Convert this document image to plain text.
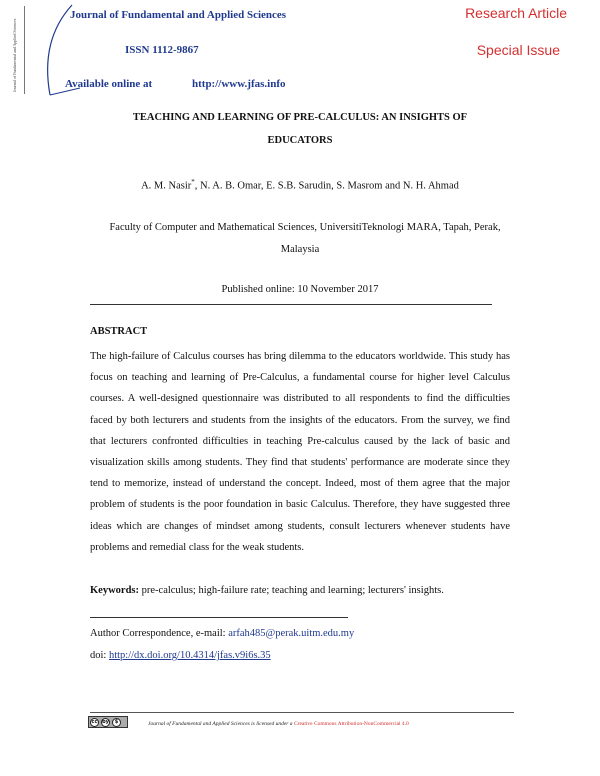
Journal of Fundamental and Applied Sciences
Journal of Fundamental and Applied Sciences
ISSN 1112-9867
Available online at	http://www.jfas.info
Research Article
Special Issue
TEACHING AND LEARNING OF PRE-CALCULUS: AN INSIGHTS OF
EDUCATORS
A. M. Nasir*, N. A. B. Omar, E. S.B. Sarudin, S. Masrom and N. H. Ahmad
Faculty of Computer and Mathematical Sciences, UniversitiTeknologi MARA, Tapah, Perak,
Malaysia
Published online: 10 November 2017
ABSTRACT
The high-failure of Calculus courses has bring dilemma to the educators worldwide. This study has focus on teaching and learning of Pre-Calculus, a fundamental course for higher level Calculus courses. A well-designed questionnaire was distributed to all respondents to find the difficulties faced by both lecturers and students from the insights of the educators. From the survey, we find that lecturers confronted difficulties in teaching Pre-calculus caused by the lack of basic and visualization skills among students. They find that students' performance are moderate since they tend to memorize, instead of understand the concept. Indeed, most of them agree that the major problem of students is the poor foundation in basic Calculus. Therefore, they have suggested three ideas which are changes of mindset among students, consult lecturers whenever students have problems and remedial class for the weak students.
Keywords: pre-calculus; high-failure rate; teaching and learning; lecturers' insights.
Author Correspondence, e-mail: arfah485@perak.uitm.edu.my
doi: http://dx.doi.org/10.4314/jfas.v9i6s.35
cc by	$	Journal of Fundamental and Applied Sciences is licensed under a Creative Commons Attribution-NonCommercial 4.0
